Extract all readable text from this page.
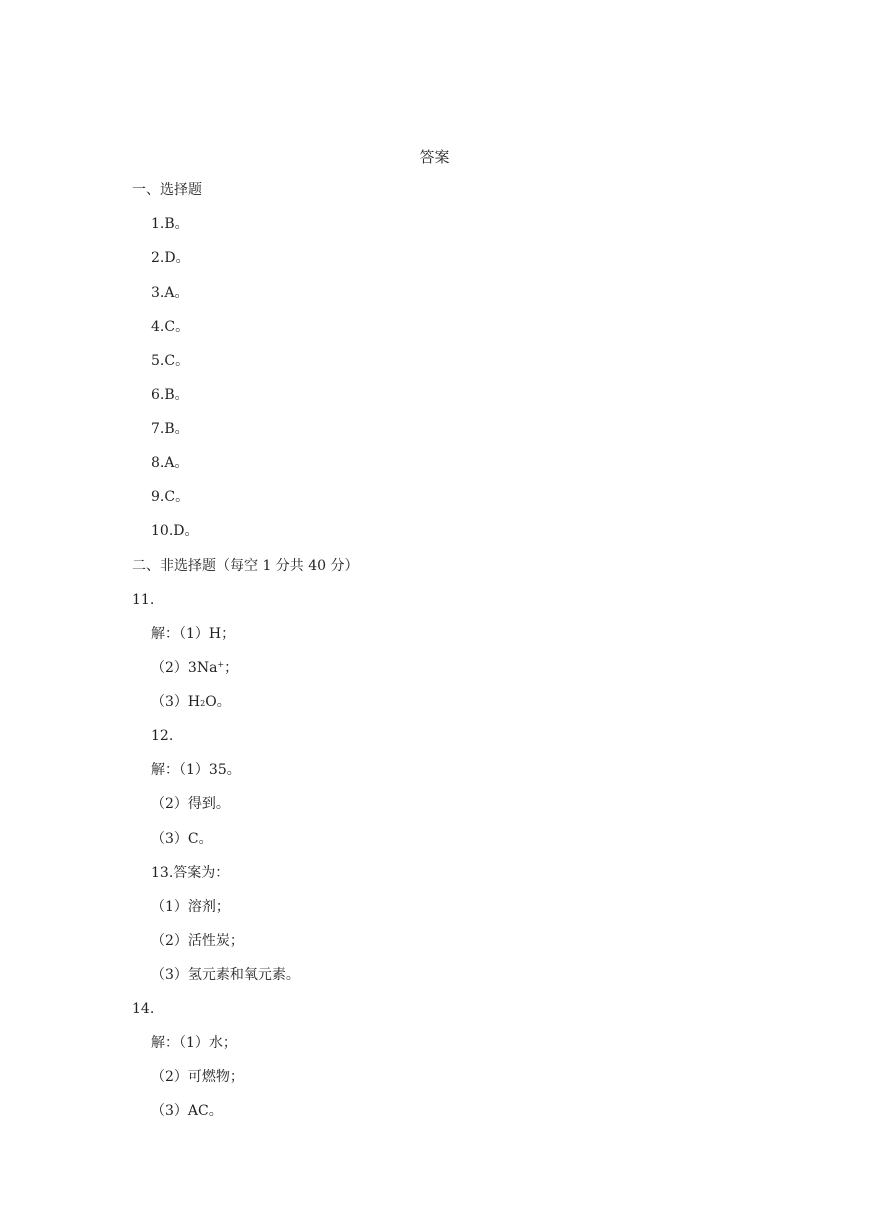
答案
一、选择题
1.B。
2.D。
3.A。
4.C。
5.C。
6.B。
7.B。
8.A。
9.C。
10.D。
二、非选择题（每空 1 分共 40 分）
11.
解：（1）H；
（2）3Na+；
$(3)H_2O$。
12.
解：（1）35。
（2）得到。
（3）C。
13.答案为：
（1）溶剂；
（2）活性炭；
（3）氢元素和氧元素。
14.
解：（1）水；
（2）可燃物；
（3）AC。
